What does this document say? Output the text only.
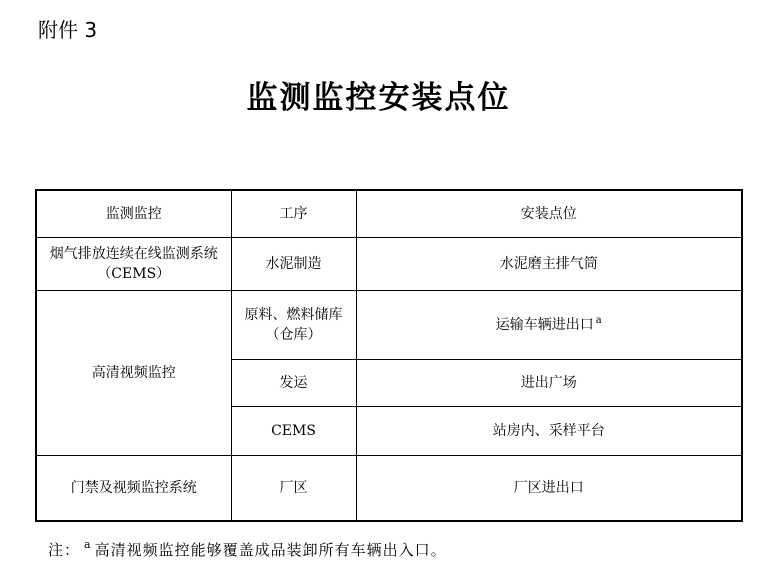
附件 3
监测监控安装点位
监测监控	工序	安装点位
烟气排放连续在线监测系统（CEMS）	水泥制造	水泥磨主排气筒
高清视频监控	原料、燃料储库（仓库）	运输车辆进出口 $^a$
	发运	进出广场
	CEMS	站房内、采样平台
门禁及视频监控系统	厂区	厂区进出口
注： $^a$ 高清视频监控能够覆盖成品装卸所有车辆出入口。
